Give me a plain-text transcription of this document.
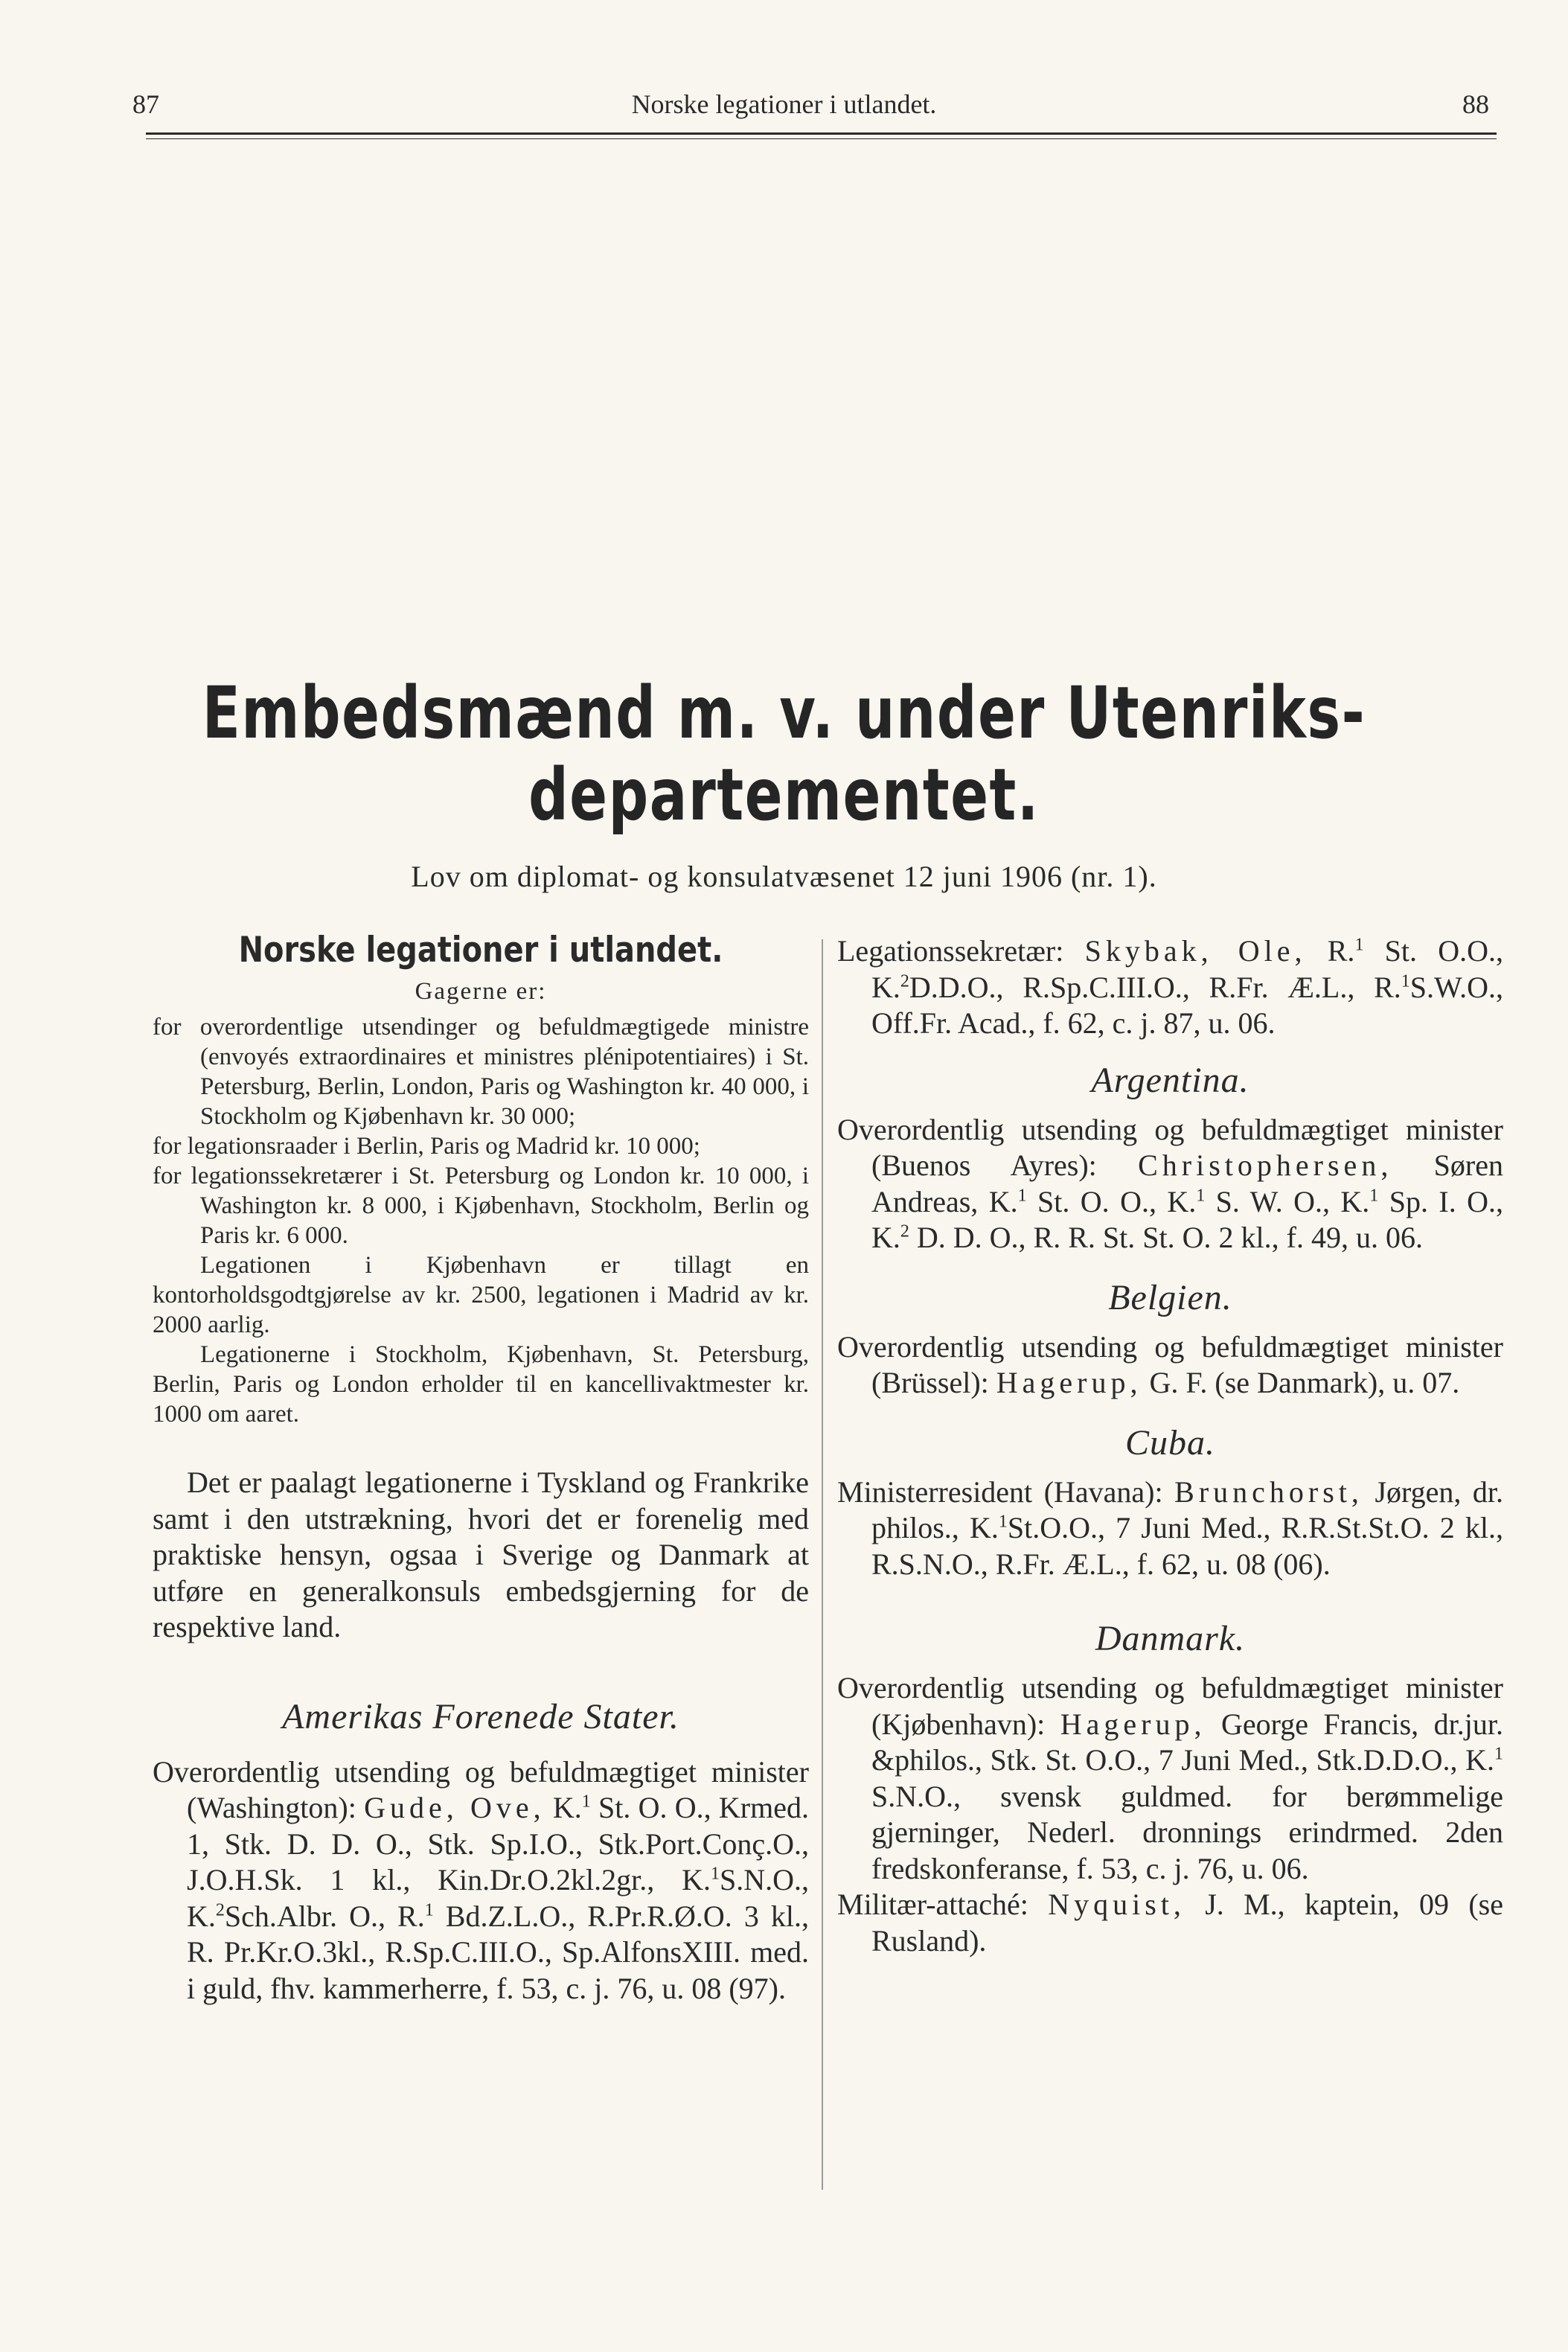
87	Norske legationer i utlandet.	88
Embedsmænd m. v. under Utenriks-
departementet.
Lov om diplomat- og konsulatvæsenet 12 juni 1906 (nr. 1).
Norske legationer i utlandet.
Gagerne er:

for overordentlige utsendinger og befuldmægtigede ministre (envoyés extraordinaires et ministres plénipotentiaires) i St. Petersburg, Berlin, London, Paris og Washington kr. 40 000, i Stockholm og Kjøbenhavn kr. 30 000;

for legationsraader i Berlin, Paris og Madrid kr. 10 000;

for legationssekretærer i St. Petersburg og London kr. 10 000, i Washington kr. 8 000, i Kjøbenhavn, Stockholm, Berlin og Paris kr. 6 000.

Legationen i Kjøbenhavn er tillagt en kontorholdsgodtgjørelse av kr. 2500, legationen i Madrid av kr. 2000 aarlig.

Legationerne i Stockholm, Kjøbenhavn, St. Petersburg, Berlin, Paris og London erholder til en kancellivaktmester kr. 1000 om aaret.

Det er paalagt legationerne i Tyskland og Frankrike samt i den utstrækning, hvori det er forenelig med praktiske hensyn, ogsaa i Sverige og Danmark at utføre en generalkonsuls embedsgjerning for de respektive land.

Amerikas Forenede Stater.

Overordentlig utsending og befuldmægtiget minister (Washington): Gude, Ove, K.$^1$ St. O. O., Krmed. 1, Stk. D. D. O., Stk. Sp.I.O., Stk.Port.Conç.O., J.O.H.Sk. 1 kl., Kin.Dr.O.2kl.2gr., K.$^1$S.N.O., K.$^2$Sch.Albr. O., R.$^1$ Bd.Z.L.O., R.Pr.R.Ø.O. 3 kl., R. Pr.Kr.O.3kl., R.Sp.C.III.O., Sp.AlfonsXIII. med. i guld, fhv. kammerherre, f. 53, c. j. 76, u. 08 (97).

Legationssekretær: Skybak, Ole, R.$^1$ St. O.O., K.$^2$D.D.O., R.Sp.C.III.O., R.Fr. Æ.L., R.$^1$S.W.O., Off.Fr. Acad., f. 62, c. j. 87, u. 06.

Argentina.

Overordentlig utsending og befuldmægtiget minister (Buenos Ayres): Christophersen, Søren Andreas, K.$^1$ St. O. O., K.$^1$ S. W. O., K.$^1$ Sp. I. O., K.$^2$ D. D. O., R. R. St. St. O. 2 kl., f. 49, u. 06.

Belgien.

Overordentlig utsending og befuldmægtiget minister (Brüssel): Hagerup, G. F. (se Danmark), u. 07.

Cuba.

Ministerresident (Havana): Brunchorst, Jørgen, dr. philos., K.$^1$St.O.O., 7 Juni Med., R.R.St.St.O. 2 kl., R.S.N.O., R.Fr. Æ.L., f. 62, u. 08 (06).

Danmark.

Overordentlig utsending og befuldmægtiget minister (Kjøbenhavn): Hagerup, George Francis, dr.jur. &philos., Stk. St. O.O., 7 Juni Med., Stk.D.D.O., K.$^1$ S.N.O., svensk guldmed. for berømmelige gjerninger, Nederl. dronnings erindrmed. 2den fredskonferanse, f. 53, c. j. 76, u. 06.

Militær-attaché: Nyquist, J. M., kaptein, 09 (se Rusland).
